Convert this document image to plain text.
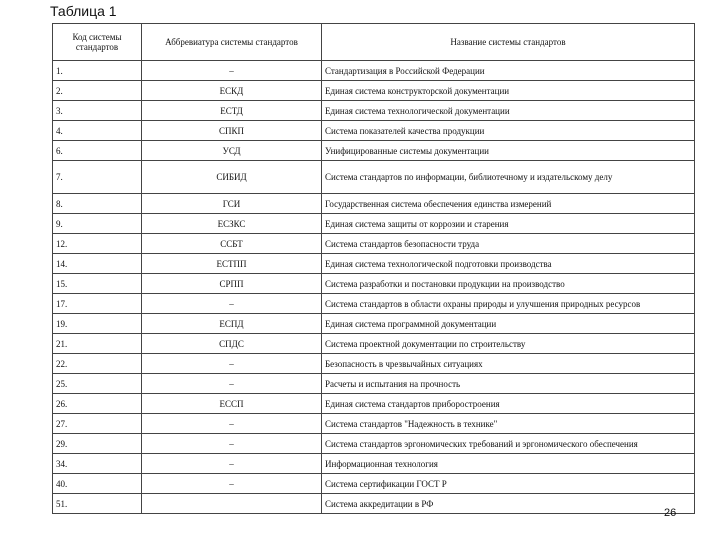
Таблица 1
Код системы стандартов	Аббревиатура системы стандартов	Название системы стандартов
1.	–	Стандартизация в Российской Федерации
2.	ЕСКД	Единая система конструкторской документации
3.	ЕСТД	Единая система технологической документации
4.	СПКП	Система показателей качества продукции
6.	УСД	Унифицированные системы документации
7.	СИБИД	Система стандартов по информации, библиотечному и издательскому делу
8.	ГСИ	Государственная система обеспечения единства измерений
9.	ЕСЗКС	Единая система защиты от коррозии и старения
12.	ССБТ	Система стандартов безопасности труда
14.	ЕСТПП	Единая система технологической подготовки производства
15.	СРПП	Система разработки и постановки продукции на производство
17.	–	Система стандартов в области охраны природы и улучшения природных ресурсов
19.	ЕСПД	Единая система программной документации
21.	СПДС	Система проектной документации по строительству
22.	–	Безопасность в чрезвычайных ситуациях
25.	–	Расчеты и испытания на прочность
26.	ЕССП	Единая система стандартов приборостроения
27.	–	Система стандартов "Надежность в технике"
29.	–	Система стандартов эргономических требований и эргономического обеспечения
34.	–	Информационная технология
40.	–	Система сертификации ГОСТ Р
51.		Система аккредитации в РФ
26
